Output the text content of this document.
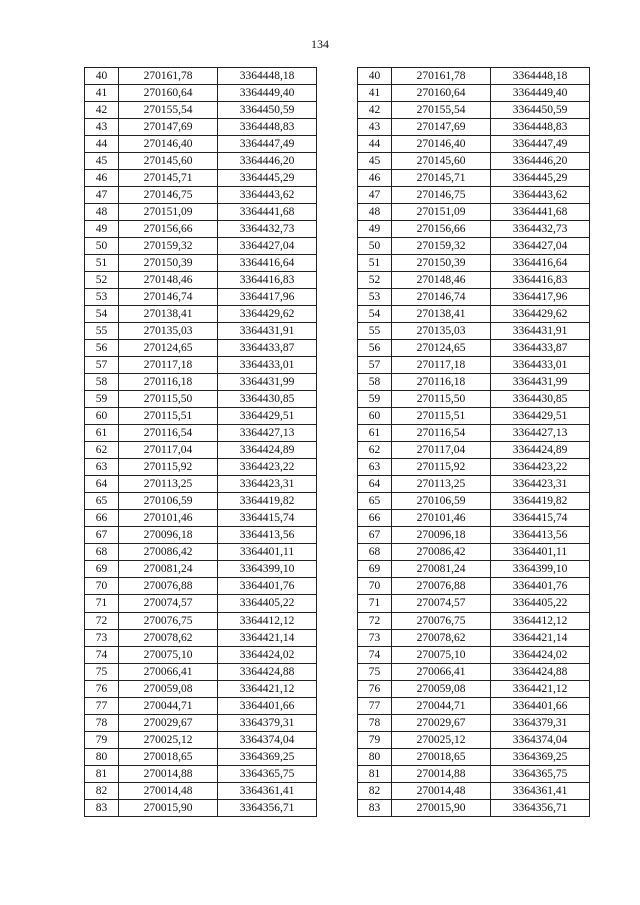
134
40	270161,78	3364448,18
41	270160,64	3364449,40
42	270155,54	3364450,59
43	270147,69	3364448,83
44	270146,40	3364447,49
45	270145,60	3364446,20
46	270145,71	3364445,29
47	270146,75	3364443,62
48	270151,09	3364441,68
49	270156,66	3364432,73
50	270159,32	3364427,04
51	270150,39	3364416,64
52	270148,46	3364416,83
53	270146,74	3364417,96
54	270138,41	3364429,62
55	270135,03	3364431,91
56	270124,65	3364433,87
57	270117,18	3364433,01
58	270116,18	3364431,99
59	270115,50	3364430,85
60	270115,51	3364429,51
61	270116,54	3364427,13
62	270117,04	3364424,89
63	270115,92	3364423,22
64	270113,25	3364423,31
65	270106,59	3364419,82
66	270101,46	3364415,74
67	270096,18	3364413,56
68	270086,42	3364401,11
69	270081,24	3364399,10
70	270076,88	3364401,76
71	270074,57	3364405,22
72	270076,75	3364412,12
73	270078,62	3364421,14
74	270075,10	3364424,02
75	270066,41	3364424,88
76	270059,08	3364421,12
77	270044,71	3364401,66
78	270029,67	3364379,31
79	270025,12	3364374,04
80	270018,65	3364369,25
81	270014,88	3364365,75
82	270014,48	3364361,41
83	270015,90	3364356,71
40	270161,78	3364448,18
41	270160,64	3364449,40
42	270155,54	3364450,59
43	270147,69	3364448,83
44	270146,40	3364447,49
45	270145,60	3364446,20
46	270145,71	3364445,29
47	270146,75	3364443,62
48	270151,09	3364441,68
49	270156,66	3364432,73
50	270159,32	3364427,04
51	270150,39	3364416,64
52	270148,46	3364416,83
53	270146,74	3364417,96
54	270138,41	3364429,62
55	270135,03	3364431,91
56	270124,65	3364433,87
57	270117,18	3364433,01
58	270116,18	3364431,99
59	270115,50	3364430,85
60	270115,51	3364429,51
61	270116,54	3364427,13
62	270117,04	3364424,89
63	270115,92	3364423,22
64	270113,25	3364423,31
65	270106,59	3364419,82
66	270101,46	3364415,74
67	270096,18	3364413,56
68	270086,42	3364401,11
69	270081,24	3364399,10
70	270076,88	3364401,76
71	270074,57	3364405,22
72	270076,75	3364412,12
73	270078,62	3364421,14
74	270075,10	3364424,02
75	270066,41	3364424,88
76	270059,08	3364421,12
77	270044,71	3364401,66
78	270029,67	3364379,31
79	270025,12	3364374,04
80	270018,65	3364369,25
81	270014,88	3364365,75
82	270014,48	3364361,41
83	270015,90	3364356,71
